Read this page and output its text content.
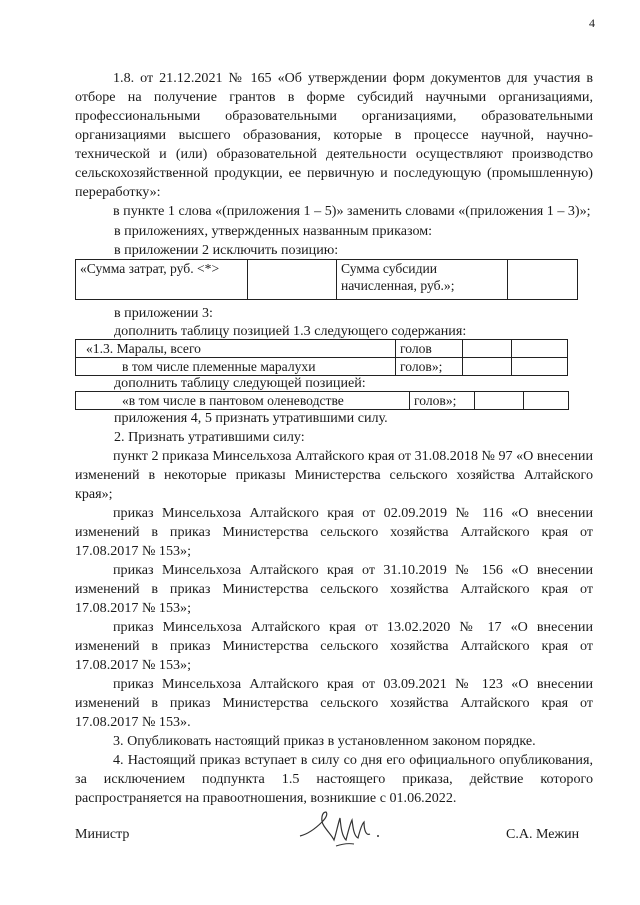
4

1.8. от 21.12.2021 № 165 «Об утверждении форм документов для участия в отборе на получение грантов в форме субсидий научными организациями, профессиональными образовательными организациями, образовательными организациями высшего образования, которые в процессе научной, научно-технической и (или) образовательной деятельности осуществляют производство сельскохозяйственной продукции, ее первичную и последующую (промышленную) переработку»:

в пункте 1 слова «(приложения 1 – 5)» заменить словами «(приложения 1 – 3)»;

в приложениях, утвержденных названным приказом:
в приложении 2 исключить позицию:
«Сумма затрат, руб. <*>		Сумма субсидии начисленная, руб.»;	
в приложении 3:
дополнить таблицу позицией 1.3 следующего содержания:
«1.3. Маралы, всего	голов		
в том числе племенные маралухи	голов»;		
дополнить таблицу следующей позицией:
«в том числе в пантовом оленеводстве	голов»;		
приложения 4, 5 признать утратившими силу.
2. Признать утратившими силу:

пункт 2 приказа Минсельхоза Алтайского края от 31.08.2018 № 97 «О внесении изменений в некоторые приказы Министерства сельского хозяйства Алтайского края»;

приказ Минсельхоза Алтайского края от 02.09.2019 № 116 «О внесении изменений в приказ Министерства сельского хозяйства Алтайского края от 17.08.2017 № 153»;

приказ Минсельхоза Алтайского края от 31.10.2019 № 156 «О внесении изменений в приказ Министерства сельского хозяйства Алтайского края от 17.08.2017 № 153»;

приказ Минсельхоза Алтайского края от 13.02.2020 № 17 «О внесении изменений в приказ Министерства сельского хозяйства Алтайского края от 17.08.2017 № 153»;

приказ Минсельхоза Алтайского края от 03.09.2021 № 123 «О внесении изменений в приказ Министерства сельского хозяйства Алтайского края от 17.08.2017 № 153».

3. Опубликовать настоящий приказ в установленном законом порядке.

4. Настоящий приказ вступает в силу со дня его официального опубликования, за исключением подпункта 1.5 настоящего приказа, действие которого распространяется на правоотношения, возникшие с 01.06.2022.

Министр	С.А. Межин
